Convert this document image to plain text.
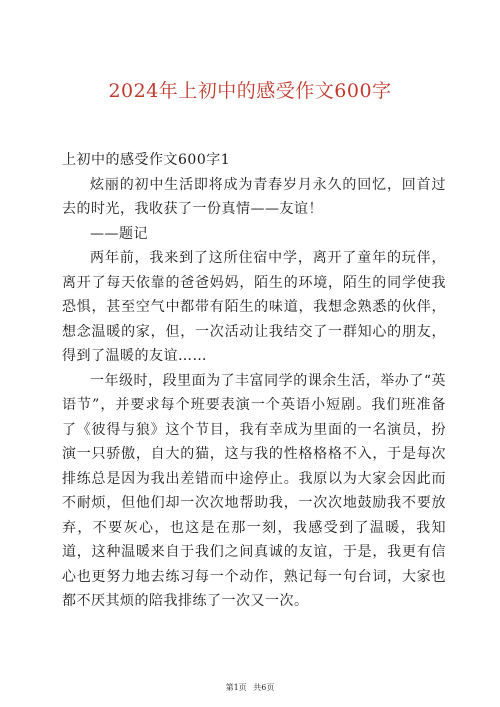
2024年上初中的感受作文600字

上初中的感受作文600字1

炫丽的初中生活即将成为青春岁月永久的回忆，回首过去的时光，我收获了一份真情——友谊！

——题记

两年前，我来到了这所住宿中学，离开了童年的玩伴，离开了每天依靠的爸爸妈妈，陌生的环境，陌生的同学使我恐惧，甚至空气中都带有陌生的味道，我想念熟悉的伙伴，想念温暖的家，但，一次活动让我结交了一群知心的朋友，得到了温暖的友谊……

一年级时，段里面为了丰富同学的课余生活，举办了“英语节”，并要求每个班要表演一个英语小短剧。我们班准备了《彼得与狼》这个节目，我有幸成为里面的一名演员，扮演一只骄傲，自大的猫，这与我的性格格格不入，于是每次排练总是因为我出差错而中途停止。我原以为大家会因此而不耐烦，但他们却一次次地帮助我，一次次地鼓励我不要放弃，不要灰心，也这是在那一刻，我感受到了温暖，我知道，这种温暖来自于我们之间真诚的友谊，于是，我更有信心也更努力地去练习每一个动作，熟记每一句台词，大家也都不厌其烦的陪我排练了一次又一次。

第1页 共6页
